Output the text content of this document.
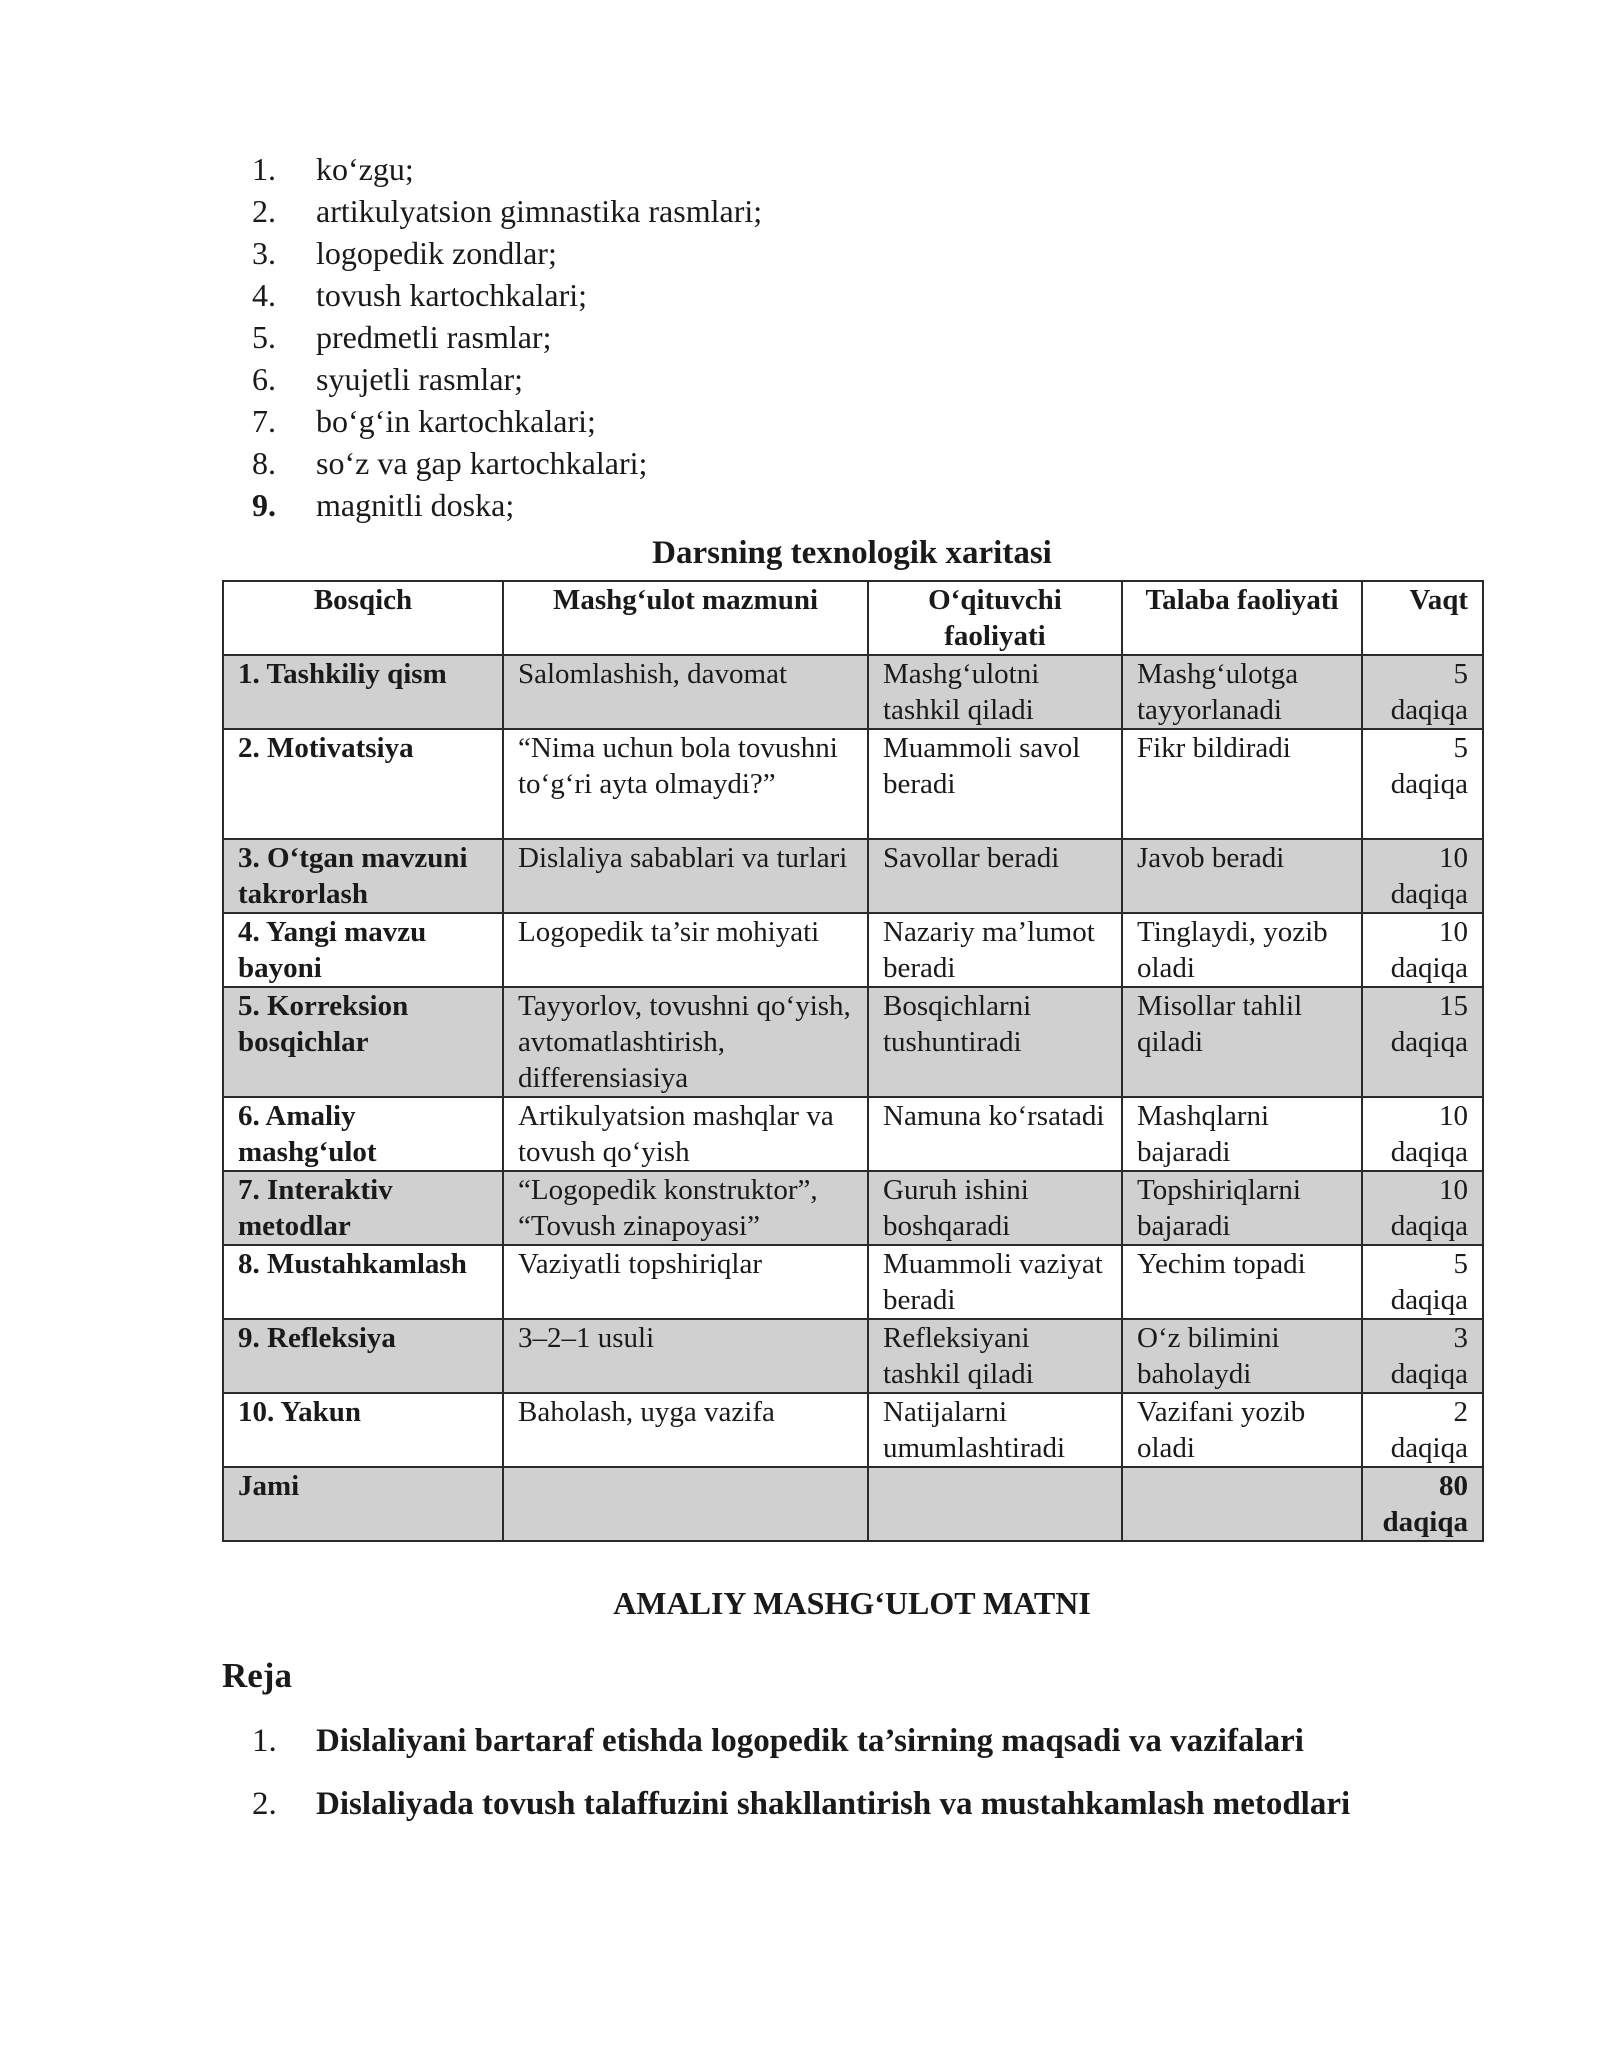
1. ko‘zgu;
2. artikulyatsion gimnastika rasmlari;
3. logopedik zondlar;
4. tovush kartochkalari;
5. predmetli rasmlar;
6. syujetli rasmlar;
7. bo‘g‘in kartochkalari;
8. so‘z va gap kartochkalari;
9. magnitli doska;
Darsning texnologik xaritasi
Bosqich	Mashg‘ulot mazmuni	O‘qituvchi faoliyati	Talaba faoliyati	Vaqt
1. Tashkiliy qism	Salomlashish, davomat	Mashg‘ulotni tashkil qiladi	Mashg‘ulotga tayyorlanadi	5 daqiqa
2. Motivatsiya	“Nima uchun bola tovushni to‘g‘ri ayta olmaydi?”	Muammoli savol beradi	Fikr bildiradi	5 daqiqa
3. O‘tgan mavzuni takrorlash	Dislaliya sabablari va turlari	Savollar beradi	Javob beradi	10 daqiqa
4. Yangi mavzu bayoni	Logopedik ta’sir mohiyati	Nazariy ma’lumot beradi	Tinglaydi, yozib oladi	10 daqiqa
5. Korreksion bosqichlar	Tayyorlov, tovushni qo‘yish, avtomatlashtirish, differensiasiya	Bosqichlarni tushuntiradi	Misollar tahlil qiladi	15 daqiqa
6. Amaliy mashg‘ulot	Artikulyatsion mashqlar va tovush qo‘yish	Namuna ko‘rsatadi	Mashqlarni bajaradi	10 daqiqa
7. Interaktiv metodlar	“Logopedik konstruktor”, “Tovush zinapoyasi”	Guruh ishini boshqaradi	Topshiriqlarni bajaradi	10 daqiqa
8. Mustahkamlash	Vaziyatli topshiriqlar	Muammoli vaziyat beradi	Yechim topadi	5 daqiqa
9. Refleksiya	3–2–1 usuli	Refleksiyani tashkil qiladi	O‘z bilimini baholaydi	3 daqiqa
10. Yakun	Baholash, uyga vazifa	Natijalarni umumlashtiradi	Vazifani yozib oladi	2 daqiqa
Jami				80 daqiqa
AMALIY MASHG‘ULOT MATNI
Reja
1. Dislaliyani bartaraf etishda logopedik ta’sirning maqsadi va vazifalari
2. Dislaliyada tovush talaffuzini shakllantirish va mustahkamlash metodlari
